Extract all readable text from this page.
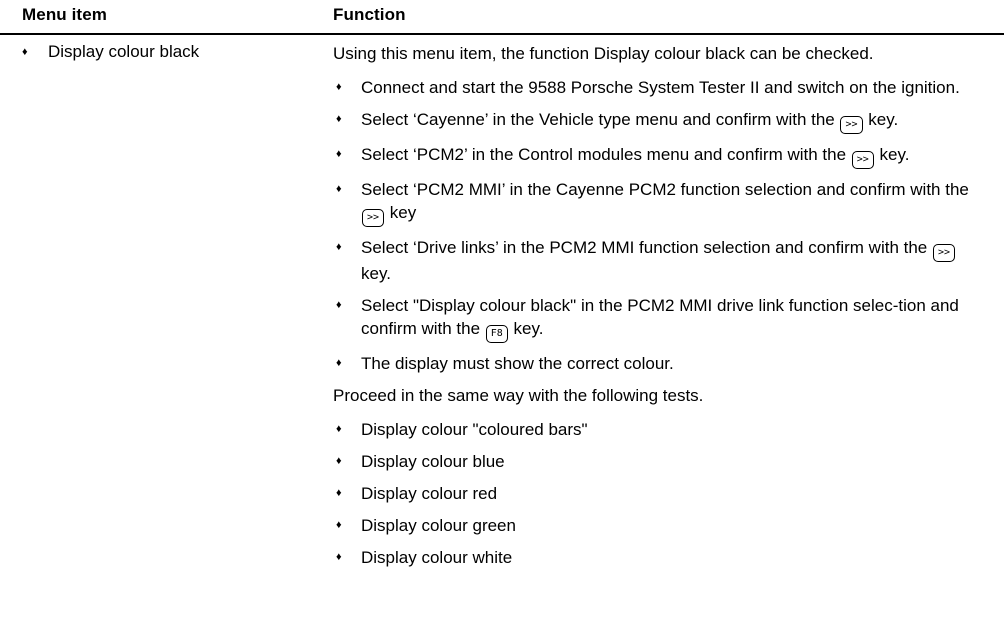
Menu item	Function
♦ Display colour black	Using this menu item, the function Display colour black can be checked.

♦ Connect and start the 9588 Porsche System Tester II and switch on the ignition.
♦ Select ‘Cayenne’ in the Vehicle type menu and confirm with the >> key.
♦ Select ‘PCM2’ in the Control modules menu and confirm with the >> key.
♦ Select ‘PCM2 MMI’ in the Cayenne PCM2 function selection and confirm with the >> key
♦ Select ‘Drive links’ in the PCM2 MMI function selection and confirm with the >> key.
♦ Select "Display colour black" in the PCM2 MMI drive link function selec-tion and confirm with the F8 key.
♦ The display must show the correct colour.

Proceed in the same way with the following tests.

♦ Display colour "coloured bars"
♦ Display colour blue
♦ Display colour red
♦ Display colour green
♦ Display colour white
